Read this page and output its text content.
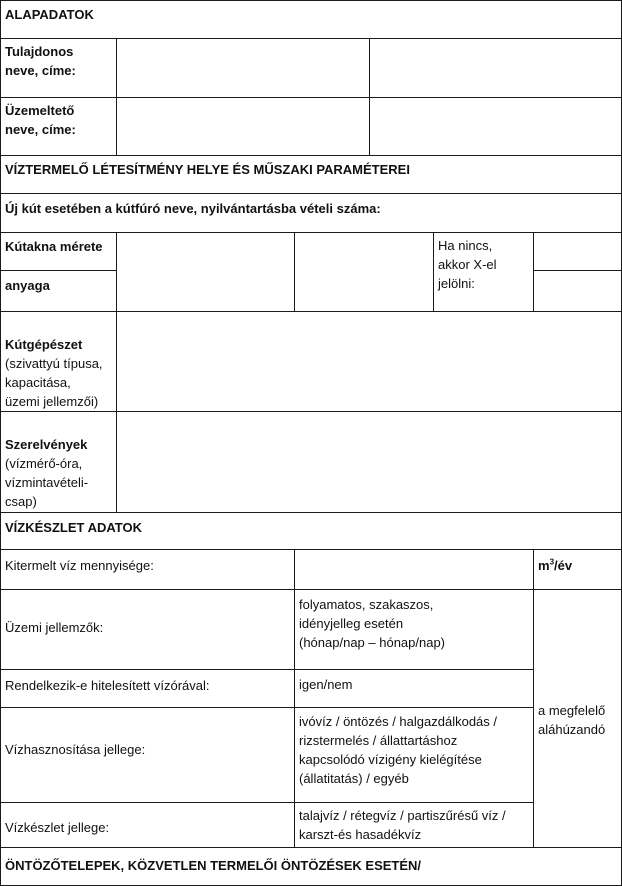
ALAPADATOK
Tulajdonos
neve, címe:
Üzemeltető
neve, címe:
VÍZTERMELŐ LÉTESÍTMÉNY HELYE ÉS MŰSZAKI PARAMÉTEREI
Új kút esetében a kútfúró neve, nyilvántartásba vételi száma:
Kútakna mérete
anyaga
Ha nincs,
akkor X-el
jelölni:

Kútgépészet
(szivattyú típusa,
kapacitása,
üzemi jellemzői)

Szerelvények
(vízmérő-óra,
vízmintavételi-
csap)

VÍZKÉSZLET ADATOK
Kitermelt víz mennyisége:	$m^3/év$
Üzemi jellemzők:
folyamatos, szakaszos,
idényjelleg esetén
(hónap/nap – hónap/nap)
Rendelkezik-e hitelesített vízórával:	igen/nem
Vízhasznosítása jellege:
ivóvíz / öntözés / halgazdálkodás /
rizstermelés / állattartáshoz
kapcsolódó vízigény kielégítése
(állatitatás) / egyéb
Vízkészlet jellege:
talajvíz / rétegvíz / partiszűrésű víz /
karszt-és hasadékvíz
a megfelelő
aláhúzandó
ÖNTÖZŐTELEPEK, KÖZVETLEN TERMELŐI ÖNTÖZÉSEK ESETÉN/
